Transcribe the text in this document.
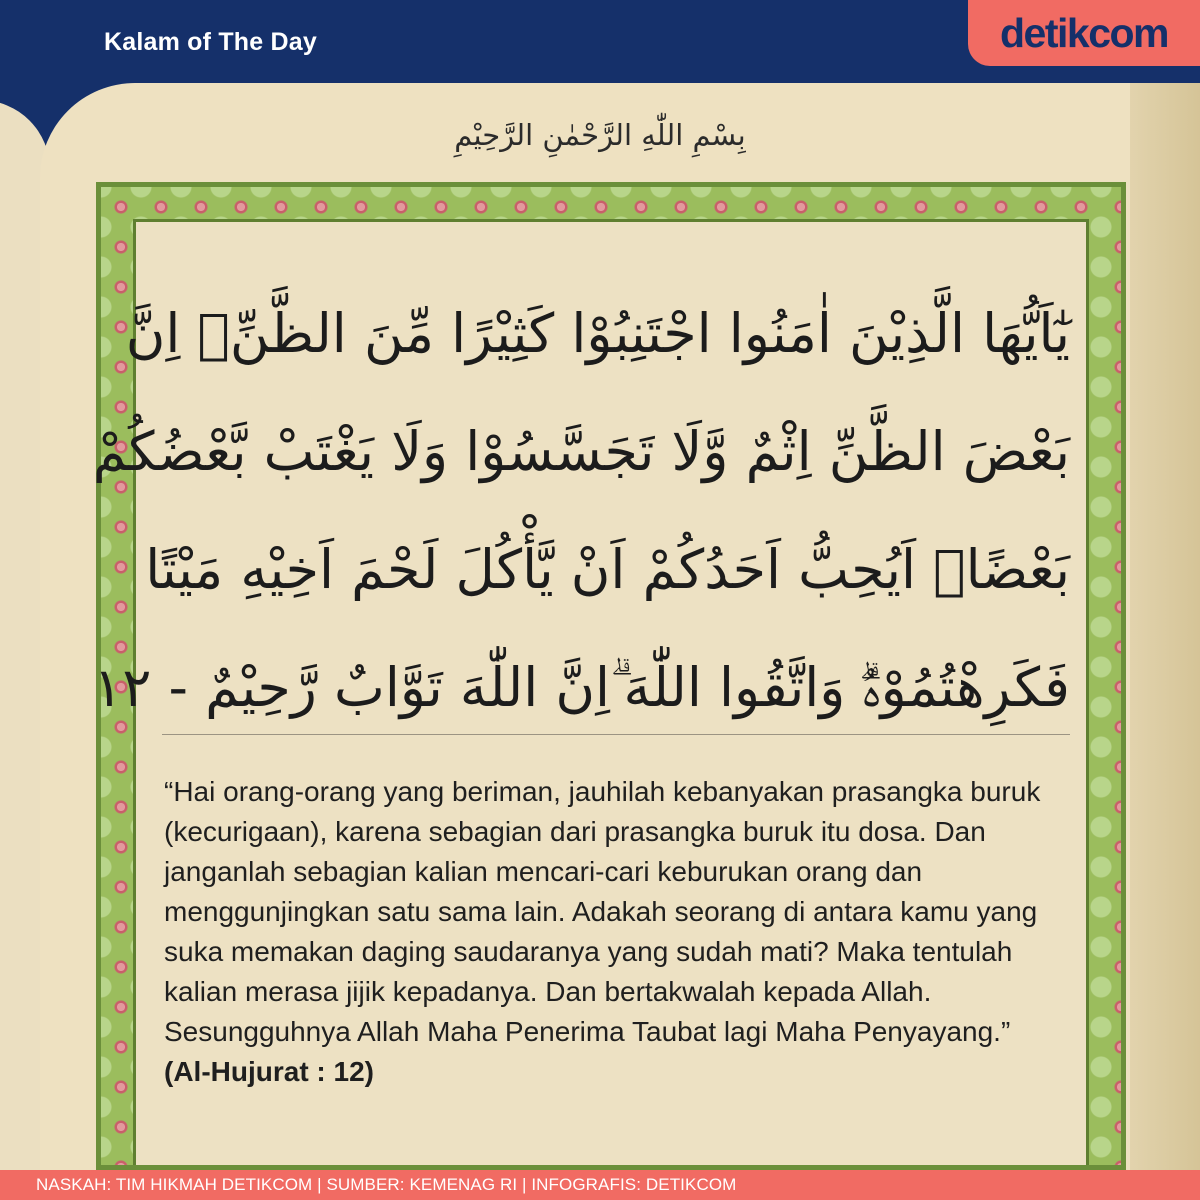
Kalam of The Day	detikcom
بِسْمِ اللّٰهِ الرَّحْمٰنِ الرَّحِيْمِ
يٰٓاَيُّهَا الَّذِيْنَ اٰمَنُوا اجْتَنِبُوْا كَثِيْرًا مِّنَ الظَّنِّۖ اِنَّ
بَعْضَ الظَّنِّ اِثْمٌ وَّلَا تَجَسَّسُوْا وَلَا يَغْتَبْ بَّعْضُكُمْ
بَعْضًاۗ اَيُحِبُّ اَحَدُكُمْ اَنْ يَّأْكُلَ لَحْمَ اَخِيْهِ مَيْتًا
فَكَرِهْتُمُوْهُۗ وَاتَّقُوا اللّٰهَ ۗاِنَّ اللّٰهَ تَوَّابٌ رَّحِيْمٌ - ١٢
“Hai orang-orang yang beriman, jauhilah kebanyakan prasangka buruk (kecurigaan), karena sebagian dari prasangka buruk itu dosa. Dan janganlah sebagian kalian mencari-cari keburukan orang dan menggunjingkan satu sama lain. Adakah seorang di antara kamu yang suka memakan daging saudaranya yang sudah mati? Maka tentulah kalian merasa jijik kepadanya. Dan bertakwalah kepada Allah. Sesungguhnya Allah Maha Penerima Taubat lagi Maha Penyayang.” (Al-Hujurat : 12)
NASKAH: TIM HIKMAH DETIKCOM | SUMBER: KEMENAG RI | INFOGRAFIS: DETIKCOM
